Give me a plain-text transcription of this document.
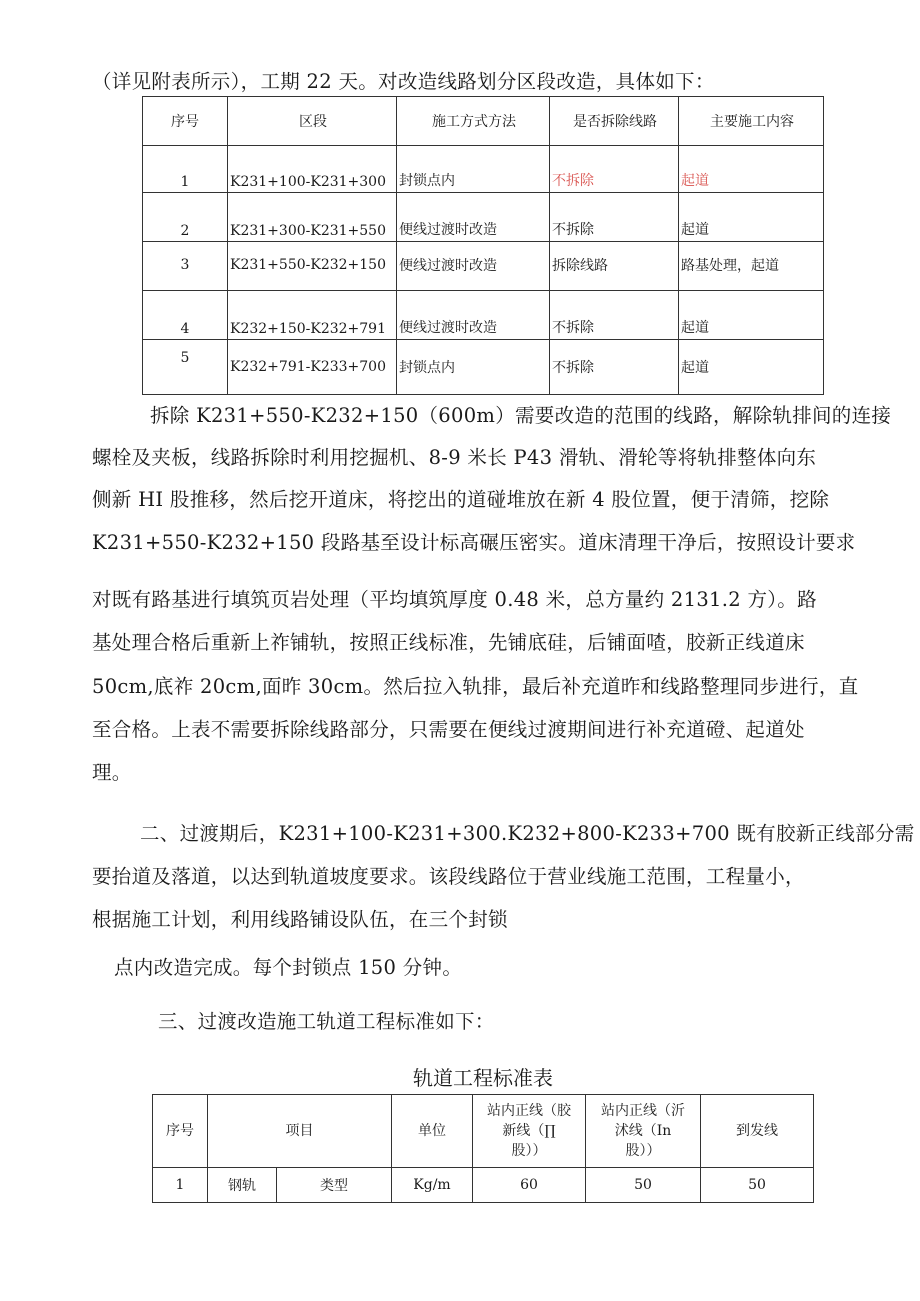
（详见附表所示），工期 22 天。对改造线路划分区段改造，具体如下：
序号	区段	施工方式方法	是否拆除线路	主要施工内容
1	K231+100-K231+300	封锁点内	不拆除	起道
2	K231+300-K231+550	便线过渡时改造	不拆除	起道
3	K231+550-K232+150	便线过渡时改造	拆除线路	路基处理，起道
4	K232+150-K232+791	便线过渡时改造	不拆除	起道
5	K232+791-K233+700	封锁点内	不拆除	起道
拆除 K231+550-K232+150（600m）需要改造的范围的线路，解除轨排间的连接
螺栓及夹板，线路拆除时利用挖掘机、8-9 米长 P43 滑轨、滑轮等将轨排整体向东
侧新 HI 股推移，然后挖开道床，将挖出的道碰堆放在新 4 股位置，便于清筛，挖除
K231+550-K232+150 段路基至设计标高碾压密实。道床清理干净后，按照设计要求
对既有路基进行填筑页岩处理（平均填筑厚度 0.48 米，总方量约 2131.2 方）。路
基处理合格后重新上祚铺轨，按照正线标准，先铺底硅，后铺面喳，胶新正线道床
50cm,底祚 20cm,面昨 30cm。然后拉入轨排，最后补充道昨和线路整理同步进行，直
至合格。上表不需要拆除线路部分，只需要在便线过渡期间进行补充道磴、起道处
理。
二、过渡期后，K231+100-K231+300.K232+800-K233+700 既有胶新正线部分需
要抬道及落道，以达到轨道坡度要求。该段线路位于营业线施工范围，工程量小，
根据施工计划，利用线路铺设队伍，在三个封锁
点内改造完成。每个封锁点 150 分钟。
三、过渡改造施工轨道工程标准如下：
轨道工程标准表
序号	项目		单位	站内正线（胶
新线（∏
股））	站内正线（沂
沭线（In
股））	到发线
1	钢轨	类型	Kg/m	60	50	50
